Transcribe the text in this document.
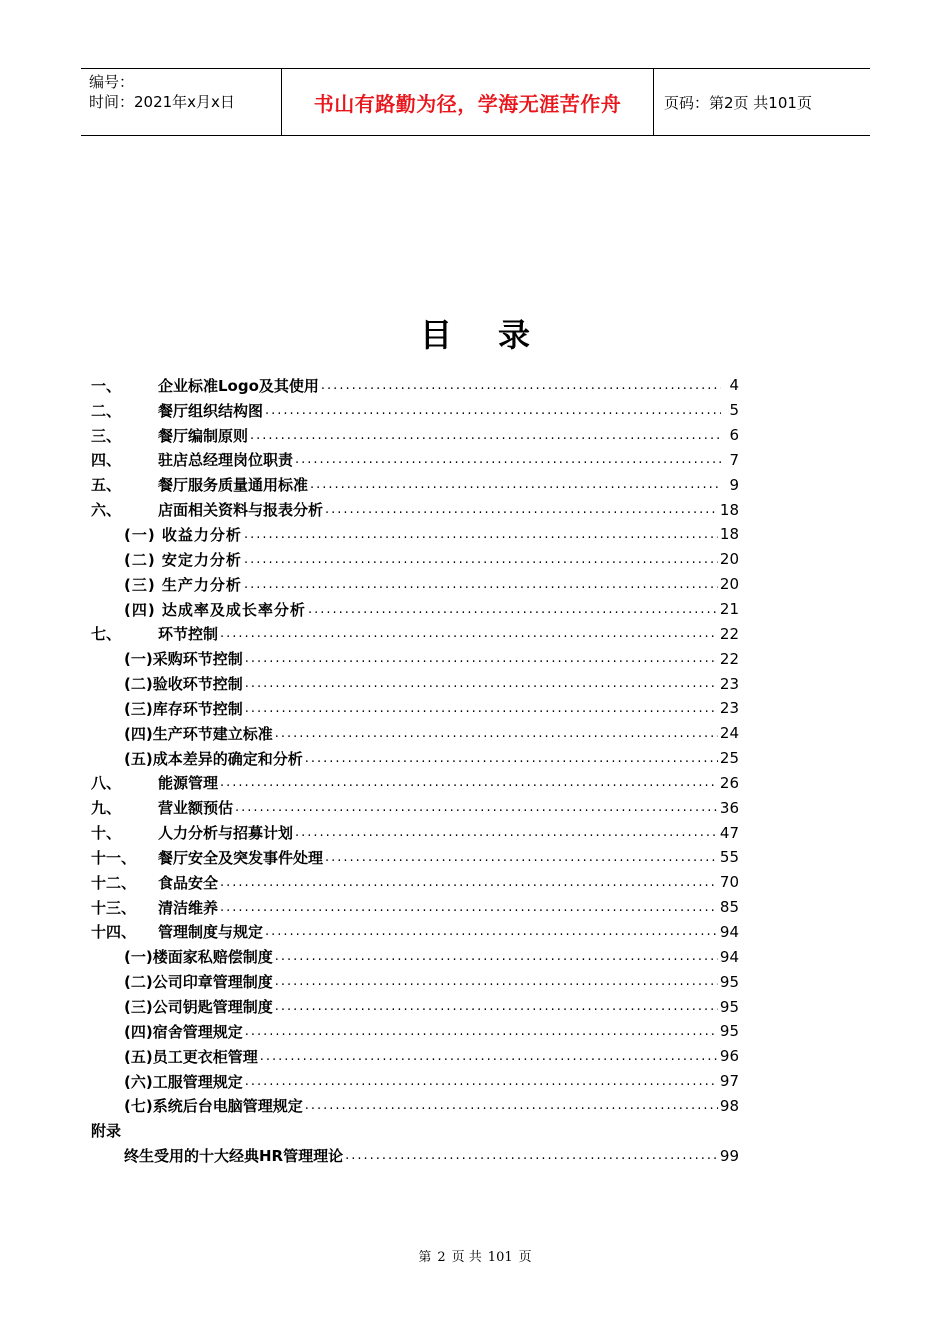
编号：
时间：2021年x月x日	书山有路勤为径，学海无涯苦作舟	页码：第2页 共101页
目 录
一、	企业标准Logo及其使用 .....	4
二、	餐厅组织结构图 .....	5
三、	餐厅编制原则 .....	6
四、	驻店总经理岗位职责 .....	7
五、	餐厅服务质量通用标准 .....	9
六、	店面相关资料与报表分析 .....	18
(一) 收益力分析 .....	18
(二) 安定力分析 .....	20
(三) 生产力分析 .....	20
(四) 达成率及成长率分析 .....	21
七、	环节控制 .....	22
(一)采购环节控制 .....	22
(二)验收环节控制 .....	23
(三)库存环节控制 .....	23
(四)生产环节建立标准 .....	24
(五)成本差异的确定和分析 .....	25
八、	能源管理 .....	26
九、	营业额预估 .....	36
十、	人力分析与招募计划 .....	47
十一、	餐厅安全及突发事件处理 .....	55
十二、	食品安全 .....	70
十三、	清洁维养 .....	85
十四、	管理制度与规定 .....	94
(一)楼面家私赔偿制度 .....	94
(二)公司印章管理制度 .....	95
(三)公司钥匙管理制度 .....	95
(四)宿舍管理规定 .....	95
(五)员工更衣柜管理 .....	96
(六)工服管理规定 .....	97
(七)系统后台电脑管理规定 .....	98
附录
终生受用的十大经典HR管理理论 .....	99
第 2 页 共 101 页
